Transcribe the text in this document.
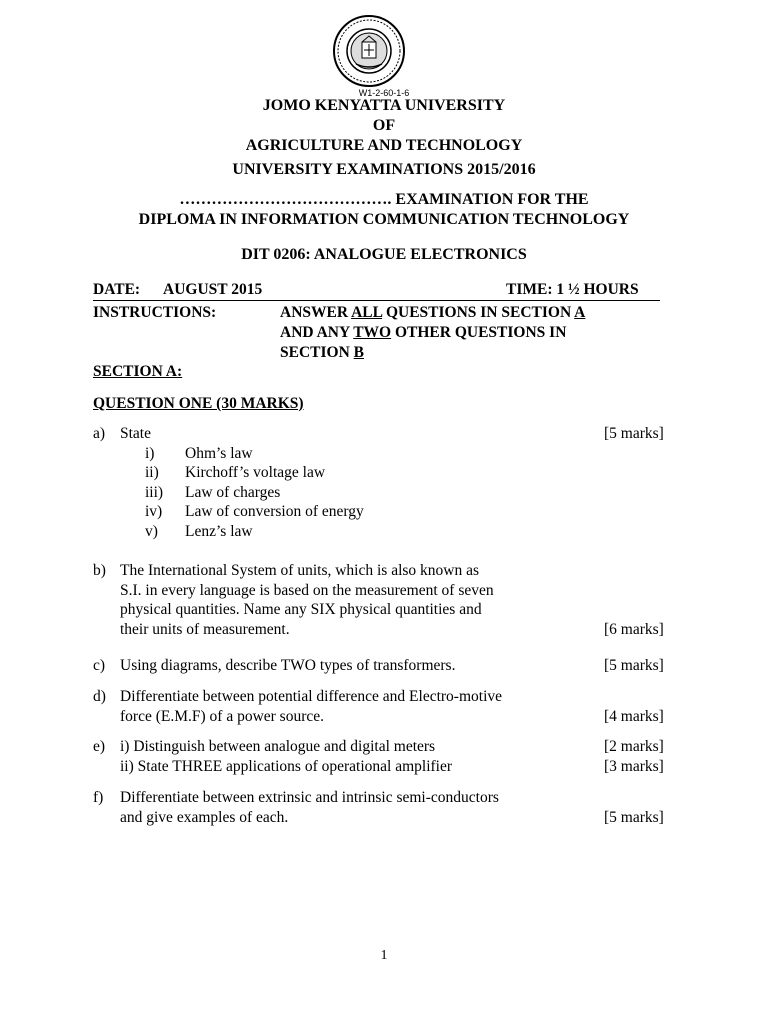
W1-2-60-1-6
JOMO KENYATTA UNIVERSITY
OF
AGRICULTURE AND TECHNOLOGY
UNIVERSITY EXAMINATIONS 2015/2016
…………………………………. EXAMINATION FOR THE
DIPLOMA IN INFORMATION COMMUNICATION TECHNOLOGY
DIT 0206: ANALOGUE ELECTRONICS
DATE: AUGUST 2015	TIME: 1 ½ HOURS
INSTRUCTIONS:	ANSWER ALL QUESTIONS IN SECTION A
AND ANY TWO OTHER QUESTIONS IN
SECTION B
SECTION A:
QUESTION ONE (30 MARKS)
a) State	[5 marks]
i) Ohm’s law
ii) Kirchoff’s voltage law
iii) Law of charges
iv) Law of conversion of energy
v) Lenz’s law
b) The International System of units, which is also known as
S.I. in every language is based on the measurement of seven
physical quantities. Name any SIX physical quantities and
their units of measurement.	[6 marks]
c) Using diagrams, describe TWO types of transformers.	[5 marks]
d) Differentiate between potential difference and Electro-motive
force (E.M.F) of a power source.	[4 marks]
e) i) Distinguish between analogue and digital meters	[2 marks]
ii) State THREE applications of operational amplifier	[3 marks]
f) Differentiate between extrinsic and intrinsic semi-conductors
and give examples of each.	[5 marks]
1
